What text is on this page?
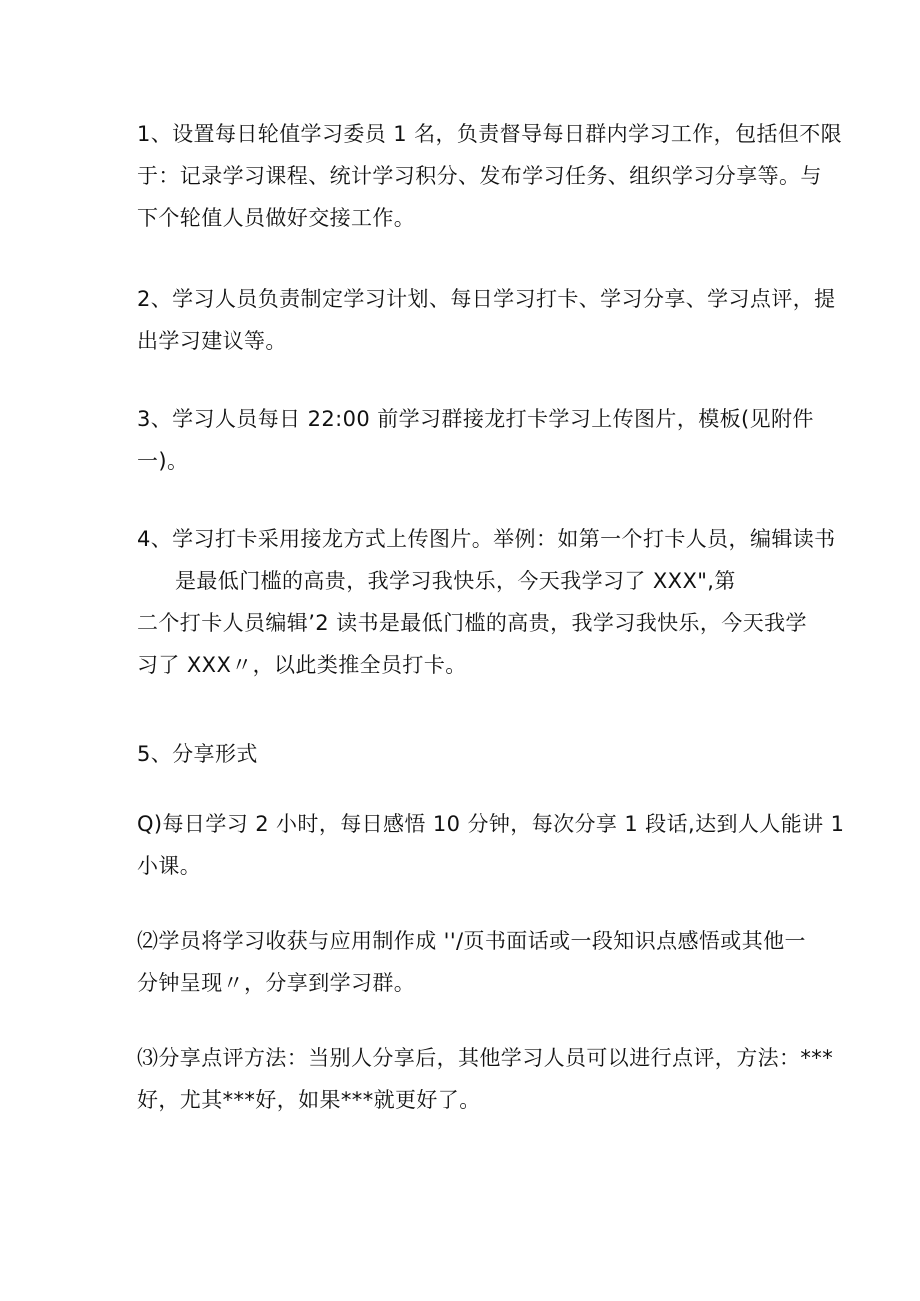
1、设置每日轮值学习委员 1 名，负责督导每日群内学习工作，包括但不限
于：记录学习课程、统计学习积分、发布学习任务、组织学习分享等。与
下个轮值人员做好交接工作。

2、学习人员负责制定学习计划、每日学习打卡、学习分享、学习点评，提
出学习建议等。

3、学习人员每日 22:00 前学习群接龙打卡学习上传图片，模板(见附件
一)。

4、学习打卡采用接龙方式上传图片。举例：如第一个打卡人员，编辑读书
是最低门槛的高贵，我学习我快乐，今天我学习了 XXX",第
二个打卡人员编辑’2 读书是最低门槛的高贵，我学习我快乐，今天我学
习了 XXX〃，以此类推全员打卡。

5、分享形式

Q)每日学习 2 小时，每日感悟 10 分钟，每次分享 1 段话,达到人人能讲 1
小课。

⑵学员将学习收获与应用制作成 ''/页书面话或一段知识点感悟或其他一
分钟呈现〃，分享到学习群。

⑶分享点评方法：当别人分享后，其他学习人员可以进行点评，方法：***
好，尤其***好，如果***就更好了。
